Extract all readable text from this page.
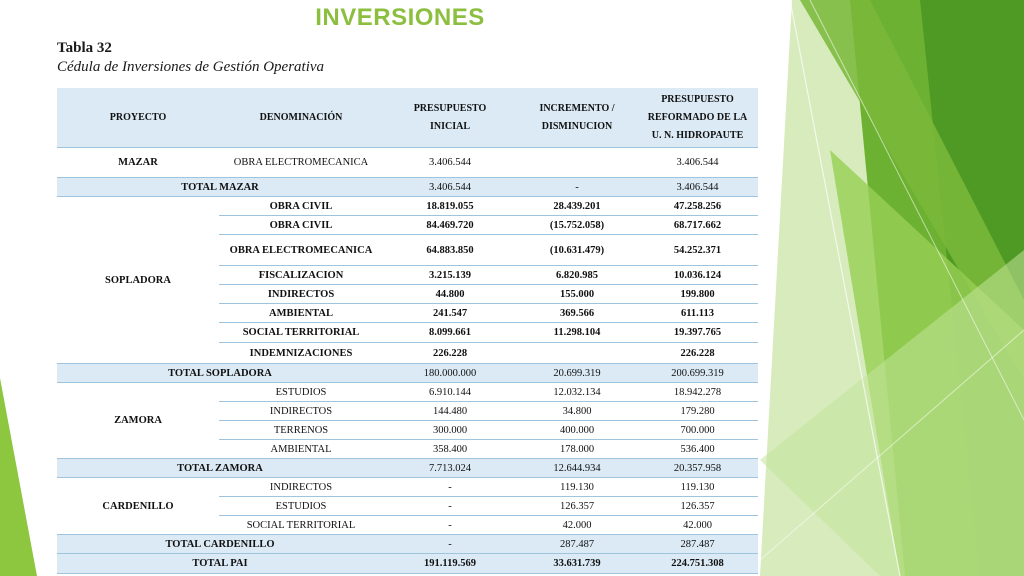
INVERSIONES
Tabla 32
Cédula de Inversiones de Gestión Operativa
PROYECTO	DENOMINACIÓN	PRESUPUESTO INICIAL	INCREMENTO / DISMINUCION	PRESUPUESTO REFORMADO DE LA U. N. HIDROPAUTE
MAZAR	OBRA ELECTROMECANICA	3.406.544		3.406.544
TOTAL MAZAR		3.406.544	-	3.406.544
SOPLADORA	OBRA CIVIL	18.819.055	28.439.201	47.258.256
	OBRA CIVIL	84.469.720	(15.752.058)	68.717.662
	OBRA ELECTROMECANICA	64.883.850	(10.631.479)	54.252.371
	FISCALIZACION	3.215.139	6.820.985	10.036.124
	INDIRECTOS	44.800	155.000	199.800
	AMBIENTAL	241.547	369.566	611.113
	SOCIAL TERRITORIAL	8.099.661	11.298.104	19.397.765
	INDEMNIZACIONES	226.228		226.228
TOTAL SOPLADORA		180.000.000	20.699.319	200.699.319
ZAMORA	ESTUDIOS	6.910.144	12.032.134	18.942.278
	INDIRECTOS	144.480	34.800	179.280
	TERRENOS	300.000	400.000	700.000
	AMBIENTAL	358.400	178.000	536.400
TOTAL ZAMORA		7.713.024	12.644.934	20.357.958
CARDENILLO	INDIRECTOS	-	119.130	119.130
	ESTUDIOS	-	126.357	126.357
	SOCIAL TERRITORIAL	-	42.000	42.000
TOTAL CARDENILLO		-	287.487	287.487
TOTAL PAI		191.119.569	33.631.739	224.751.308
